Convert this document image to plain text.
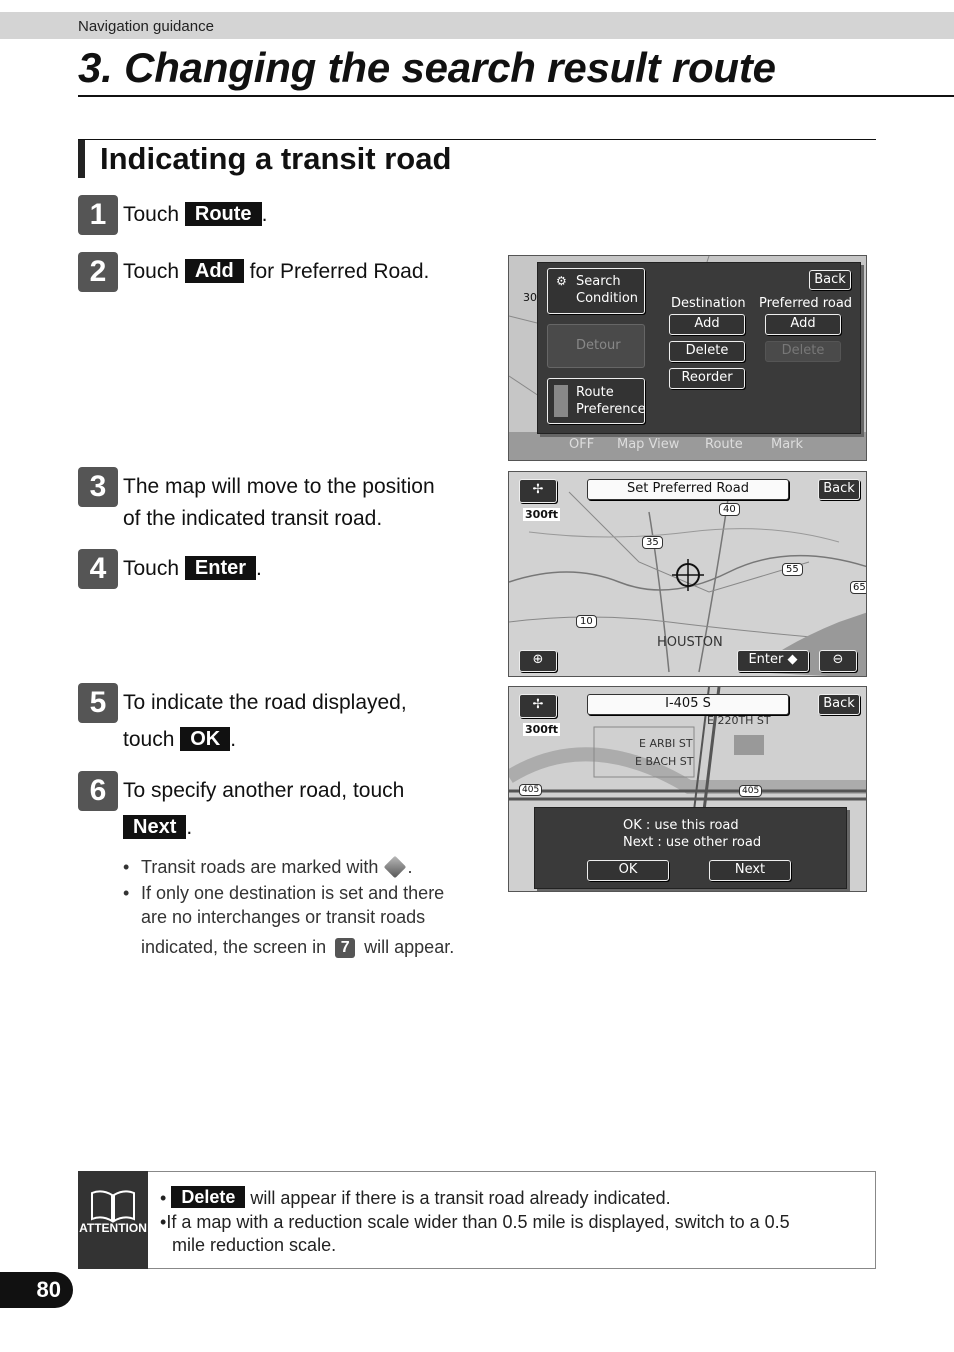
Navigation guidance
3. Changing the search result route
Indicating a transit road
1 Touch Route .
2 Touch Add for Preferred Road.
3 The map will move to the position
of the indicated transit road.
4 Touch Enter .
5 To indicate the road displayed,
touch OK .
6 To specify another road, touch
Next .
• Transit roads are marked with .
• If only one destination is set and there
are no interchanges or transit roads
indicated, the screen in 7 will appear.
⚙ Search
Condition
Detour
Route
Preference
Back
Destination Preferred road
Add	Add
Delete	Delete
Reorder
OFF Map View Route Mark
30
Set Preferred Road	Back
✢
300ft
HOUSTON
40
35
55
10
65
⊕	Enter ◆	⊖
I-405 S	Back
✢
300ft
E 220TH ST
E ARBI ST
E BACH ST
405	405
OK : use this road
Next : use other road
OK	Next
ATTENTION
• Delete will appear if there is a transit road already indicated.
•If a map with a reduction scale wider than 0.5 mile is displayed, switch to a 0.5
mile reduction scale.
80
